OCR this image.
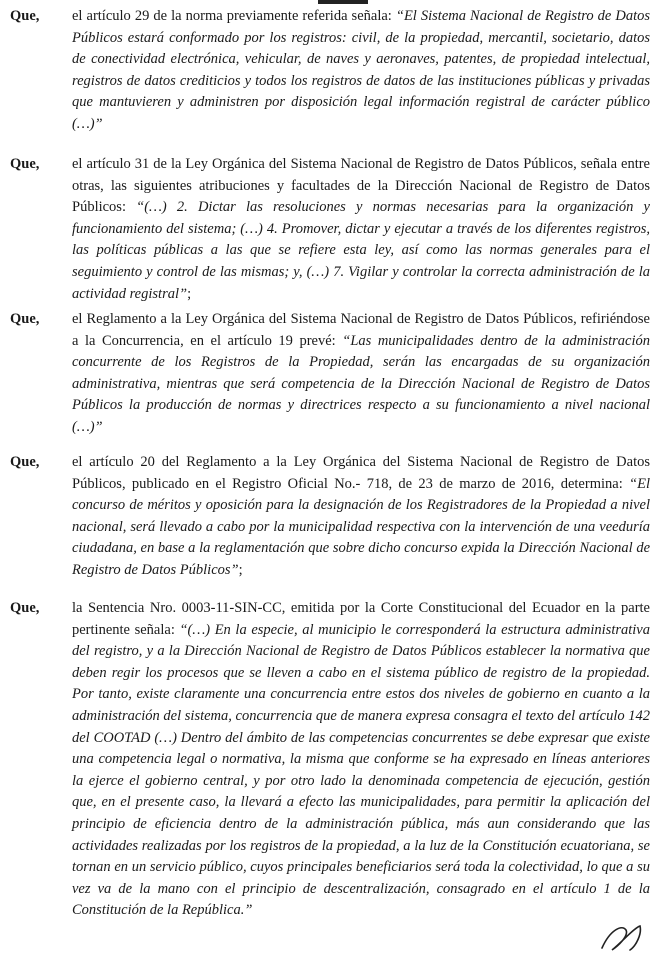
Que, el artículo 29 de la norma previamente referida señala: “El Sistema Nacional de Registro de Datos Públicos estará conformado por los registros: civil, de la propiedad, mercantil, societario, datos de conectividad electrónica, vehicular, de naves y aeronaves, patentes, de propiedad intelectual, registros de datos crediticios y todos los registros de datos de las instituciones públicas y privadas que mantuvieren y administren por disposición legal información registral de carácter público (…)”

Que, el artículo 31 de la Ley Orgánica del Sistema Nacional de Registro de Datos Públicos, señala entre otras, las siguientes atribuciones y facultades de la Dirección Nacional de Registro de Datos Públicos: “(…) 2. Dictar las resoluciones y normas necesarias para la organización y funcionamiento del sistema; (…) 4. Promover, dictar y ejecutar a través de los diferentes registros, las políticas públicas a las que se refiere esta ley, así como las normas generales para el seguimiento y control de las mismas; y, (…) 7. Vigilar y controlar la correcta administración de la actividad registral”;

Que, el Reglamento a la Ley Orgánica del Sistema Nacional de Registro de Datos Públicos, refiriéndose a la Concurrencia, en el artículo 19 prevé: “Las municipalidades dentro de la administración concurrente de los Registros de la Propiedad, serán las encargadas de su organización administrativa, mientras que será competencia de la Dirección Nacional de Registro de Datos Públicos la producción de normas y directrices respecto a su funcionamiento a nivel nacional (…)”

Que, el artículo 20 del Reglamento a la Ley Orgánica del Sistema Nacional de Registro de Datos Públicos, publicado en el Registro Oficial No.- 718, de 23 de marzo de 2016, determina: “El concurso de méritos y oposición para la designación de los Registradores de la Propiedad a nivel nacional, será llevado a cabo por la municipalidad respectiva con la intervención de una veeduría ciudadana, en base a la reglamentación que sobre dicho concurso expida la Dirección Nacional de Registro de Datos Públicos”;

Que, la Sentencia Nro. 0003-11-SIN-CC, emitida por la Corte Constitucional del Ecuador en la parte pertinente señala: “(…) En la especie, al municipio le corresponderá la estructura administrativa del registro, y a la Dirección Nacional de Registro de Datos Públicos establecer la normativa que deben regir los procesos que se lleven a cabo en el sistema público de registro de la propiedad. Por tanto, existe claramente una concurrencia entre estos dos niveles de gobierno en cuanto a la administración del sistema, concurrencia que de manera expresa consagra el texto del artículo 142 del COOTAD (…) Dentro del ámbito de las competencias concurrentes se debe expresar que existe una competencia legal o normativa, la misma que conforme se ha expresado en líneas anteriores la ejerce el gobierno central, y por otro lado la denominada competencia de ejecución, gestión que, en el presente caso, la llevará a efecto las municipalidades, para permitir la aplicación del principio de eficiencia dentro de la administración pública, más aun considerando que las actividades realizadas por los registros de la propiedad, a la luz de la Constitución ecuatoriana, se tornan en un servicio público, cuyos principales beneficiarios será toda la colectividad, lo que a su vez va de la mano con el principio de descentralización, consagrado en el artículo 1 de la Constitución de la República.”
